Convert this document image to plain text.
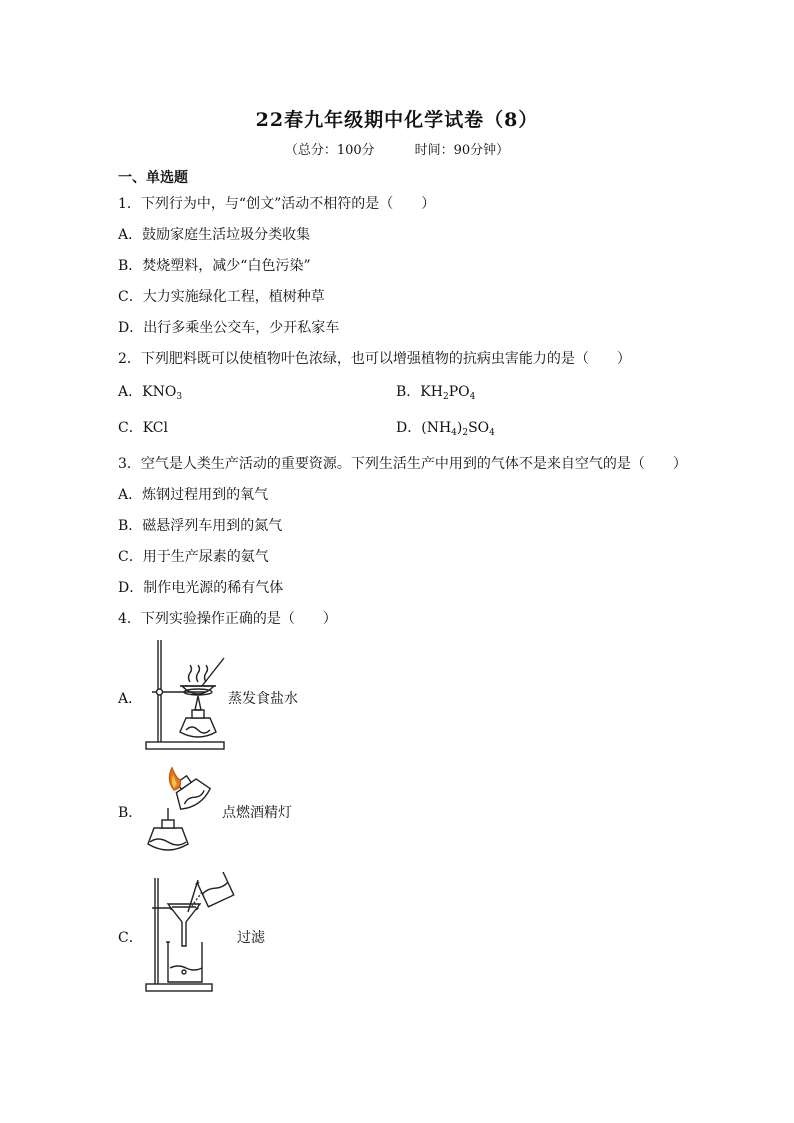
22春九年级期中化学试卷（8）
（总分：100分	时间：90分钟）
一、单选题
1．下列行为中，与“创文”活动不相符的是（　　）
A．鼓励家庭生活垃圾分类收集
B．焚烧塑料，减少“白色污染”
C．大力实施绿化工程，植树种草
D．出行多乘坐公交车，少开私家车
2．下列肥料既可以使植物叶色浓绿，也可以增强植物的抗病虫害能力的是（　　）
A．$KNO_3$	B．$KH_2PO_4$
C．KCl	D．$(NH_4)_2SO_4$
3．空气是人类生产活动的重要资源。下列生活生产中用到的气体不是来自空气的是（　　）
A．炼钢过程用到的氧气
B．磁悬浮列车用到的氮气
C．用于生产尿素的氨气
D．制作电光源的稀有气体
4．下列实验操作正确的是（　　）
A．	蒸发食盐水
B．	点燃酒精灯
C．	过滤
